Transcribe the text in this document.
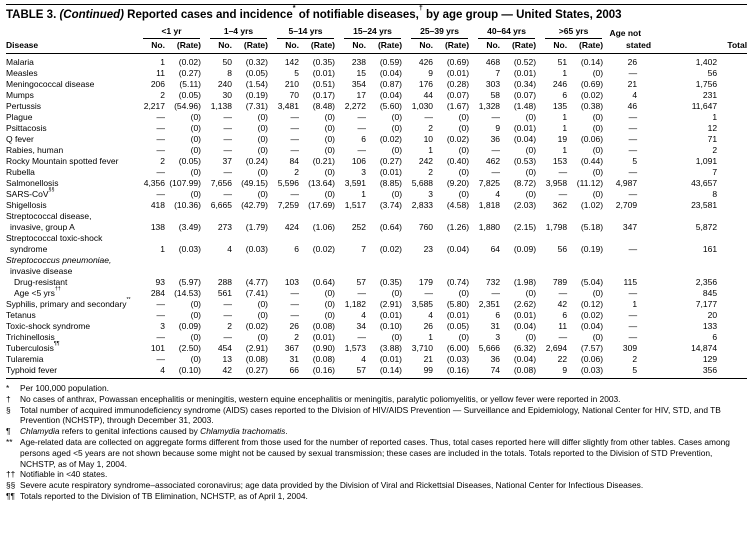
TABLE 3. (Continued) Reported cases and incidence* of notifiable diseases,† by age group — United States, 2003

	<1 yr		1–4 yrs		5–14 yrs		15–24 yrs		25–39 yrs		40–64 yrs		>65 yrs		Age not	
Disease	No.	(Rate)	No.	(Rate)	No.	(Rate)	No.	(Rate)	No.	(Rate)	No.	(Rate)	No.	(Rate)	stated	Total

Malaria	1	(0.02)	50	(0.32)	142	(0.35)	238	(0.59)	426	(0.69)	468	(0.52)	51	(0.14)	26	1,402

Measles	11	(0.27)	8	(0.05)	5	(0.01)	15	(0.04)	9	(0.01)	7	(0.01)	1	(0)	—	56

Meningococcal disease	206	(5.11)	240	(1.54)	210	(0.51)	354	(0.87)	176	(0.28)	303	(0.34)	246	(0.69)	21	1,756

Mumps	2	(0.05)	30	(0.19)	70	(0.17)	17	(0.04)	44	(0.07)	58	(0.07)	6	(0.02)	4	231

Pertussis	2,217	(54.96)	1,138	(7.31)	3,481	(8.48)	2,272	(5.60)	1,030	(1.67)	1,328	(1.48)	135	(0.38)	46	11,647

Plague	—	(0)	—	(0)	—	(0)	—	(0)	—	(0)	—	(0)	1	(0)	—	1

Psittacosis	—	(0)	—	(0)	—	(0)	—	(0)	2	(0)	9	(0.01)	1	(0)	—	12

Q fever	—	(0)	—	(0)	—	(0)	6	(0.02)	10	(0.02)	36	(0.04)	19	(0.06)	—	71

Rabies, human	—	(0)	—	(0)	—	(0)	—	(0)	1	(0)	—	(0)	1	(0)	—	2

Rocky Mountain spotted fever	2	(0.05)	37	(0.24)	84	(0.21)	106	(0.27)	242	(0.40)	462	(0.53)	153	(0.44)	5	1,091

Rubella	—	(0)	—	(0)	2	(0)	3	(0.01)	2	(0)	—	(0)	—	(0)	—	7

Salmonellosis	4,356	(107.99)	7,656	(49.15)	5,596	(13.64)	3,591	(8.85)	5,688	(9.20)	7,825	(8.72)	3,958	(11.12)	4,987	43,657

SARS-CoV§§	—	(0)	—	(0)	—	(0)	1	(0)	3	(0)	4	(0)	—	(0)	—	8

Shigellosis	418	(10.36)	6,665	(42.79)	7,259	(17.69)	1,517	(3.74)	2,833	(4.58)	1,818	(2.03)	362	(1.02)	2,709	23,581

Streptococcal disease,
invasive, group A	138	(3.49)	273	(1.79)	424	(1.06)	252	(0.64)	760	(1.26)	1,880	(2.15)	1,798	(5.18)	347	5,872

Streptococcal toxic-shock
syndrome	1	(0.03)	4	(0.03)	6	(0.02)	7	(0.02)	23	(0.04)	64	(0.09)	56	(0.19)	—	161

Streptococcus pneumoniae,
invasive disease																

Drug-resistant	93	(5.97)	288	(4.77)	103	(0.64)	57	(0.35)	179	(0.74)	732	(1.98)	789	(5.04)	115	2,356

Age <5 yrs††	284	(14.53)	561	(7.41)	—	(0)	—	(0)	—	(0)	—	(0)	—	(0)	—	845

Syphilis, primary and secondary**	—	(0)	—	(0)	—	(0)	1,182	(2.91)	3,585	(5.80)	2,351	(2.62)	42	(0.12)	1	7,177

Tetanus	—	(0)	—	(0)	—	(0)	4	(0.01)	4	(0.01)	6	(0.01)	6	(0.02)	—	20

Toxic-shock syndrome	3	(0.09)	2	(0.02)	26	(0.08)	34	(0.10)	26	(0.05)	31	(0.04)	11	(0.04)	—	133

Trichinellosis	—	(0)	—	(0)	2	(0.01)	—	(0)	1	(0)	3	(0)	—	(0)	—	6

Tuberculosis¶¶	101	(2.50)	454	(2.91)	367	(0.90)	1,573	(3.88)	3,710	(6.00)	5,666	(6.32)	2,694	(7.57)	309	14,874

Tularemia	—	(0)	13	(0.08)	31	(0.08)	4	(0.01)	21	(0.03)	36	(0.04)	22	(0.06)	2	129

Typhoid fever	4	(0.10)	42	(0.27)	66	(0.16)	57	(0.14)	99	(0.16)	74	(0.08)	9	(0.03)	5	356
*	Per 100,000 population.
†	No cases of anthrax, Powassan encephalitis or meningitis, western equine encephalitis or meningitis, paralytic poliomyelitis, or yellow fever were reported in 2003.
§	Total number of acquired immunodeficiency syndrome (AIDS) cases reported to the Division of HIV/AIDS Prevention — Surveillance and Epidemiology, National Center for HIV, STD, and TB Prevention (NCHSTP), through December 31, 2003.
¶	Chlamydia refers to genital infections caused by Chlamydia trachomatis.
** Age-related data are collected on aggregate forms different from those used for the number of reported cases. Thus, total cases reported here will differ slightly from other tables. Cases among persons aged <5 years are not shown because some might not be caused by sexual transmission; these cases are included in the totals. Totals reported to the Division of STD Prevention, NCHSTP, as of May 1, 2004.
†† Notifiable in <40 states.
§§ Severe acute respiratory syndrome–associated coronavirus; age data provided by the Division of Viral and Rickettsial Diseases, National Center for Infectious Diseases.
¶¶ Totals reported to the Division of TB Elimination, NCHSTP, as of April 1, 2004.
